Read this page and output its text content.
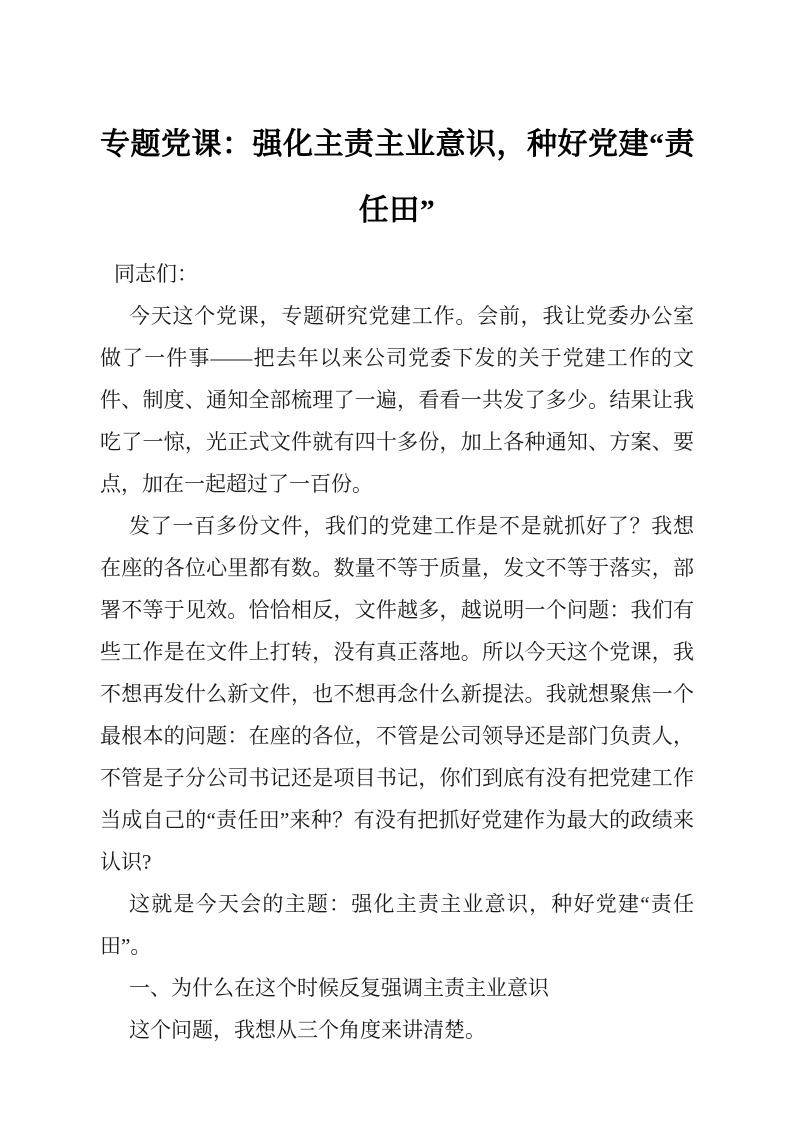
专题党课：强化主责主业意识，种好党建“责
任田”

同志们：

今天这个党课，专题研究党建工作。会前，我让党委办公室做了一件事——把去年以来公司党委下发的关于党建工作的文件、制度、通知全部梳理了一遍，看看一共发了多少。结果让我吃了一惊，光正式文件就有四十多份，加上各种通知、方案、要点，加在一起超过了一百份。

发了一百多份文件，我们的党建工作是不是就抓好了？我想在座的各位心里都有数。数量不等于质量，发文不等于落实，部署不等于见效。恰恰相反，文件越多，越说明一个问题：我们有些工作是在文件上打转，没有真正落地。所以今天这个党课，我不想再发什么新文件，也不想再念什么新提法。我就想聚焦一个最根本的问题：在座的各位，不管是公司领导还是部门负责人，不管是子分公司书记还是项目书记，你们到底有没有把党建工作当成自己的“责任田”来种？有没有把抓好党建作为最大的政绩来认识?

这就是今天会的主题：强化主责主业意识，种好党建“责任田”。

一、为什么在这个时候反复强调主责主业意识

这个问题，我想从三个角度来讲清楚。
